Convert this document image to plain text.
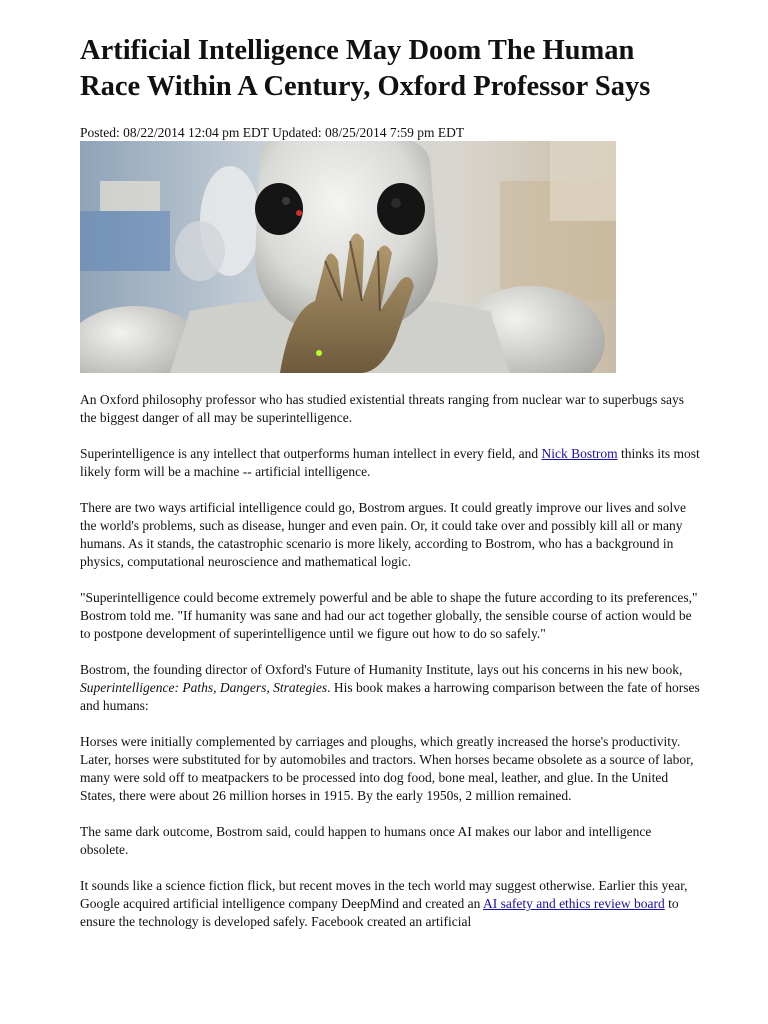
Artificial Intelligence May Doom The Human Race Within A Century, Oxford Professor Says
Posted: 08/22/2014 12:04 pm EDT Updated: 08/25/2014 7:59 pm EDT

An Oxford philosophy professor who has studied existential threats ranging from nuclear war to superbugs says the biggest danger of all may be superintelligence.

Superintelligence is any intellect that outperforms human intellect in every field, and Nick Bostrom thinks its most likely form will be a machine -- artificial intelligence.

There are two ways artificial intelligence could go, Bostrom argues. It could greatly improve our lives and solve the world's problems, such as disease, hunger and even pain. Or, it could take over and possibly kill all or many humans. As it stands, the catastrophic scenario is more likely, according to Bostrom, who has a background in physics, computational neuroscience and mathematical logic.

"Superintelligence could become extremely powerful and be able to shape the future according to its preferences," Bostrom told me. "If humanity was sane and had our act together globally, the sensible course of action would be to postpone development of superintelligence until we figure out how to do so safely."

Bostrom, the founding director of Oxford's Future of Humanity Institute, lays out his concerns in his new book, Superintelligence: Paths, Dangers, Strategies. His book makes a harrowing comparison between the fate of horses and humans:

Horses were initially complemented by carriages and ploughs, which greatly increased the horse's productivity. Later, horses were substituted for by automobiles and tractors. When horses became obsolete as a source of labor, many were sold off to meatpackers to be processed into dog food, bone meal, leather, and glue. In the United States, there were about 26 million horses in 1915. By the early 1950s, 2 million remained.

The same dark outcome, Bostrom said, could happen to humans once AI makes our labor and intelligence obsolete.

It sounds like a science fiction flick, but recent moves in the tech world may suggest otherwise. Earlier this year, Google acquired artificial intelligence company DeepMind and created an AI safety and ethics review board to ensure the technology is developed safely. Facebook created an artificial
